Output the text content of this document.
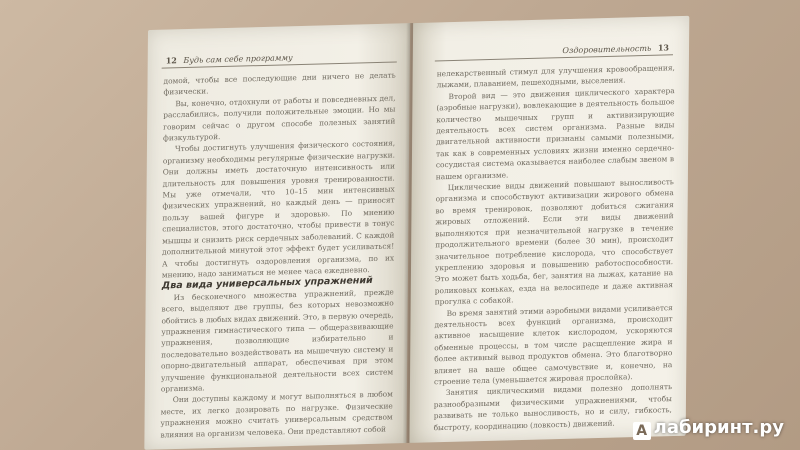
12 Будь сам себе программу

домой, чтобы все последующие дни ничего не делать физически.

Вы, конечно, отдохнули от работы и повседневных дел, расслабились, получили положительные эмоции. Но мы говорим сейчас о другом способе полезных занятий физкультурой.

Чтобы достигнуть улучшения физического состояния, организму необходимы регулярные физические нагрузки. Они должны иметь достаточную интенсивность или длительность для повышения уровня тренированности. Мы уже отмечали, что 10–15 мин интенсивных физических упражнений, но каждый день — приносят пользу вашей фигуре и здоровью. По мнению специалистов, этого достаточно, чтобы привести в тонус мышцы и снизить риск сердечных заболеваний. С каждой дополнительной минутой этот эффект будет усиливаться! А чтобы достигнуть оздоровления организма, по их мнению, надо заниматься не менее часа ежедневно.

Два вида универсальных упражнений

Из бесконечного множества упражнений, прежде всего, выделяют две группы, без которых невозможно обойтись в любых видах движений. Это, в первую очередь, упражнения гимнастического типа — общеразвивающие упражнения, позволяющие избирательно и последовательно воздействовать на мышечную систему и опорно-двигательный аппарат, обеспечивая при этом улучшение функциональной деятельности всех систем организма.

Они доступны каждому и могут выполняться в любом месте, их легко дозировать по нагрузке. Физические упражнения можно считать универсальным средством влияния на организм человека. Они представляют собой

Оздоровительность 13

нелекарственный стимул для улучшения кровообращения, лыжами, плаванием, пешеходными, выселения.

Второй вид — это движения циклического характера (аэробные нагрузки), вовлекающие в деятельность большое количество мышечных групп и активизирующие деятельность всех систем организма. Разные виды двигательной активности признаны самыми полезными, так как в современных условиях жизни именно сердечно-сосудистая система оказывается наиболее слабым звеном в нашем организме.

Циклические виды движений повышают выносливость организма и способствуют активизации жирового обмена во время тренировок, позволяют добиться сжигания жировых отложений. Если эти виды движений выполняются при незначительной нагрузке в течение продолжительного времени (более 30 мин), происходит значительное потребление кислорода, что способствует укреплению здоровья и повышению работоспособности. Это может быть ходьба, бег, занятия на лыжах, катание на роликовых коньках, езда на велосипеде и даже активная прогулка с собакой.

Во время занятий этими аэробными видами усиливается деятельность всех функций организма, происходит активное насыщение клеток кислородом, ускоряются обменные процессы, в том числе расщепление жира и более активный вывод продуктов обмена. Это благотворно влияет на ваше общее самочувствие и, конечно, на строение тела (уменьшается жировая прослойка).

Занятия циклическими видами полезно дополнять разнообразными физическими упражнениями, чтобы развивать не только выносливость, но и силу, гибкость, быстроту, координацию (ловкость) движений.	A лабиринт.ру
